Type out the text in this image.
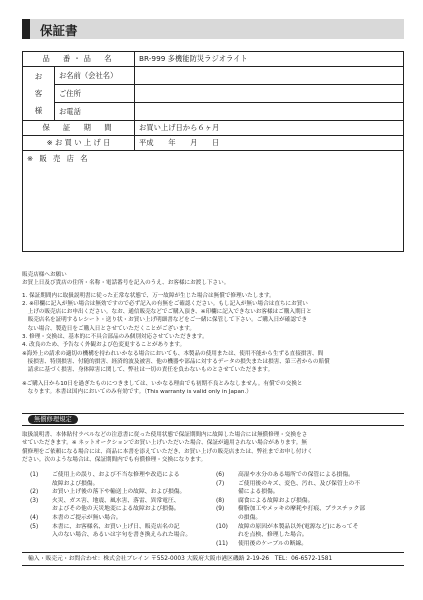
保証書
品　番・品　名		BR-999 多機能防災ラジオライト

お
客
様	お名前（会社名）	
	ご住所	
	お電話	
保　証　期　間		お買い上げ日から６ヶ月
※ お 買 い 上 げ 日		平成　　年　　月　　日
※ 販 売 店 名		

販売店様へお願い

お買上日及び貴店の住所・名称・電話番号を記入のうえ、お客様にお渡し下さい。

1. 保証期間内に取扱説明書に従った正常な状態で、万一故障が生じた場合は無償で修理いたします。

2. ※印欄に記入が無い場合は無効ですので必ず記入の有無をご確認ください。もし記入が無い場合は直ちにお買い

　上げの販売店にお申出ください。なお、通信販売などでご購入頂き、※印欄に記入できないお客様はご購入期日と

　販売店名を証明するレシート・送り状・お買い上げ明細書などをご一緒に保管して下さい。ご購入日が確認でき

　ない場合、製造日をご購入日とさせていただくことがございます。

3. 修理・交換は、基本的に不具合部品のみ個別対応させていただきます。

4. 改良のため、予告なく外観および色変更することがあります。

※海外上の請求の適切の機構を持われいかなる場合においても、本製品の使用または、使用不能から生ずる直接損害、間

　接損害、特別損害、付随的損害、経済的波及被害、他の機器や部品に対するデータの損失または損害、第三者からの賠償

　請求に基づく損害、身体障害に関して、弊社は一切の責任を負わないものとさせていただきます。

※ご購入日から10日を過ぎたものにつきましては、いかなる理由でも初期不良とみなしません。有償での交換と

　なります。本書は国内においてのみ有効です。（This warranty is valid only in Japan.）

無償修理規定

取扱説明書、本体貼付ラベルなどの注意書に従った使用状態で保証期間内に故障した場合には無償修理・交換をさ

せていただきます。※ ネットオークションでお買い上げいただいた場合、保証が適用されない場合があります。無

償修理をご依頼になる場合には、商品に本書を添えていただき、お買い上げの販売店または、弊社までお申し付けく

ださい。次のような場合は、保証期間内でも有償修理・交換になります。

(1)	ご使用上の誤り、および不当な修理や改造による
故障および損傷。
(2)	お買い上げ後の落下や輸送上の故障、および損傷。
(3)	火災、ガス害、地震、風水害、落雷、異常電圧、
およびその他の天災地変による故障および損傷。
(4)	本書のご提示が無い場合。
(5)	本書に、お客様名、お買い上げ日、販売店名の記
入のない場合、あるいは字句を書き換えられた場合。
(6)	高湿や水分のある場所での保管による損傷。
(7)	ご使用後のキズ、変色、汚れ、及び保管上の不
備による損傷。
(8)	腐食による故障および損傷。
(9)	樹脂加工やメッキの摩耗や打痕、プラスチック部
の損傷。
(10)	故障の原因が本製品以外(電源など)にあってそ
れを点検、修理した場合。
(11)	使用後のケーブルの断線。
輸入・販売元・お問合わせ：株式会社ブレイン 〒552-0003 大阪府大阪市港区磯路 2-19-26　TEL：06-6572-1581
